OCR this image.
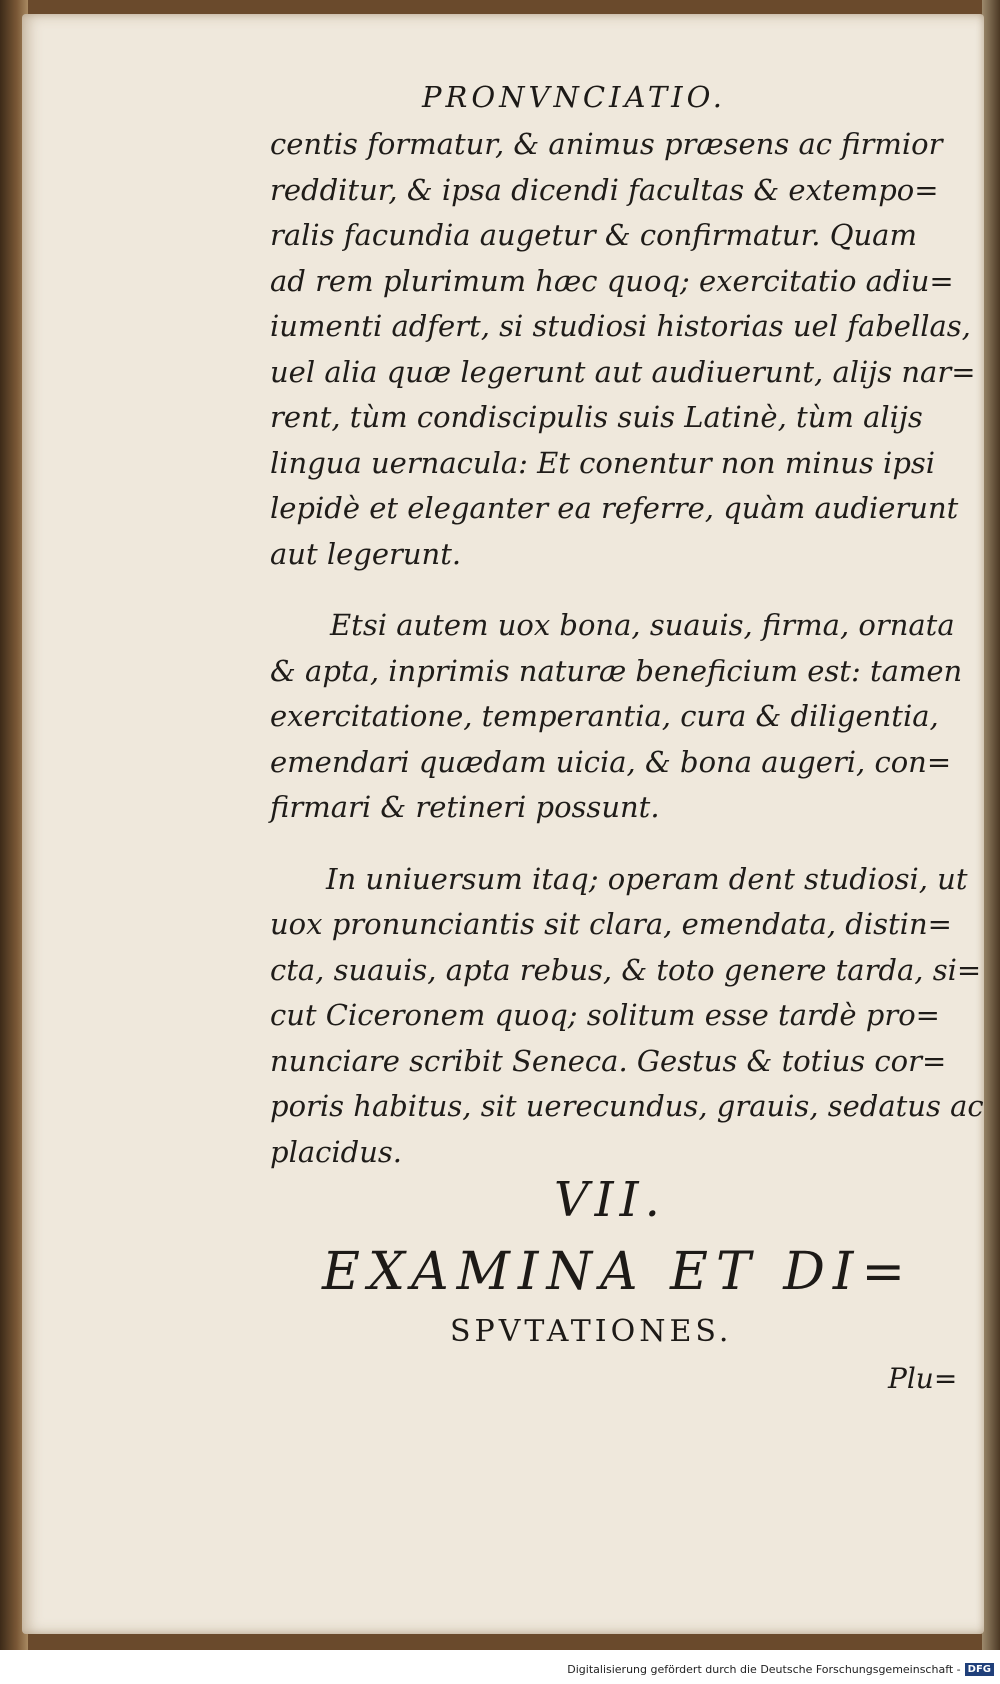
PRONVNCIATIO.
centis formatur, & animus præsens ac firmior
redditur, & ipsa dicendi facultas & extempo=
ralis facundia augetur & confirmatur. Quam
ad rem plurimum hæc quoq; exercitatio adiu=
iumenti adfert, si studiosi historias uel fabellas,
uel alia quæ legerunt aut audiuerunt, alijs nar=
rent, tùm condiscipulis suis Latinè, tùm alijs
lingua uernacula: Et conentur non minus ipsi
lepidè et eleganter ea referre, quàm audierunt
aut legerunt.
Etsi autem uox bona, suauis, firma, ornata
& apta, inprimis naturæ beneficium est: tamen
exercitatione, temperantia, cura & diligentia,
emendari quædam uicia, & bona augeri, con=
firmari & retineri possunt.
In uniuersum itaq; operam dent studiosi, ut
uox pronunciantis sit clara, emendata, distin=
cta, suauis, apta rebus, & toto genere tarda, si=
cut Ciceronem quoq; solitum esse tardè pro=
nunciare scribit Seneca. Gestus & totius cor=
poris habitus, sit uerecundus, grauis, sedatus ac
placidus.
VII.
EXAMINA ET DI=
SPVTATIONES.
Plu=
Digitalisierung gefördert durch die Deutsche Forschungsgemeinschaft - DFG
